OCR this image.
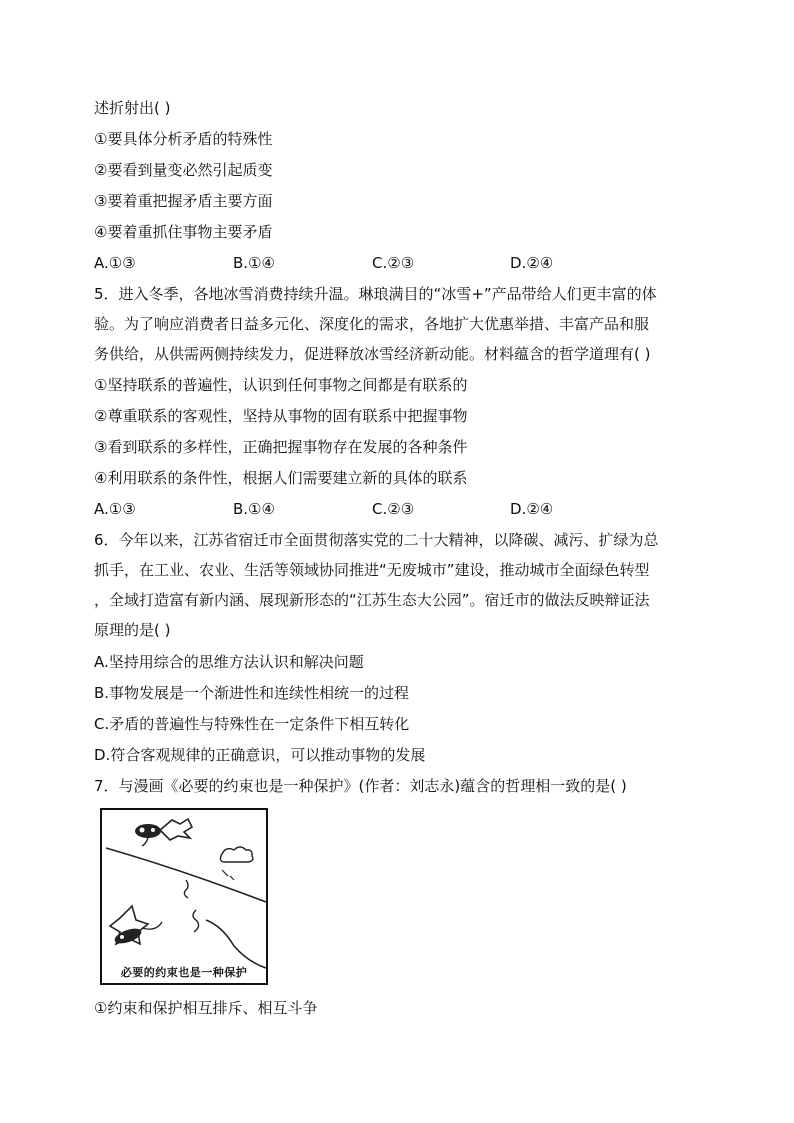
述折射出( )
①要具体分析矛盾的特殊性
②要看到量变必然引起质变
③要着重把握矛盾主要方面
④要着重抓住事物主要矛盾
A.①③	B.①④	C.②③	D.②④
5．进入冬季，各地冰雪消费持续升温。琳琅满目的“冰雪+”产品带给人们更丰富的体
验。为了响应消费者日益多元化、深度化的需求，各地扩大优惠举措、丰富产品和服
务供给，从供需两侧持续发力，促进释放冰雪经济新动能。材料蕴含的哲学道理有( )
①坚持联系的普遍性，认识到任何事物之间都是有联系的
②尊重联系的客观性，坚持从事物的固有联系中把握事物
③看到联系的多样性，正确把握事物存在发展的各种条件
④利用联系的条件性，根据人们需要建立新的具体的联系
A.①③	B.①④	C.②③	D.②④
6．今年以来，江苏省宿迁市全面贯彻落实党的二十大精神，以降碳、减污、扩绿为总
抓手，在工业、农业、生活等领域协同推进“无废城市”建设，推动城市全面绿色转型
，全域打造富有新内涵、展现新形态的“江苏生态大公园”。宿迁市的做法反映辩证法
原理的是( )
A.坚持用综合的思维方法认识和解决问题
B.事物发展是一个渐进性和连续性相统一的过程
C.矛盾的普遍性与特殊性在一定条件下相互转化
D.符合客观规律的正确意识，可以推动事物的发展
7．与漫画《必要的约束也是一种保护》(作者：刘志永)蕴含的哲理相一致的是( )
必要的约束也是一种保护
①约束和保护相互排斥、相互斗争
